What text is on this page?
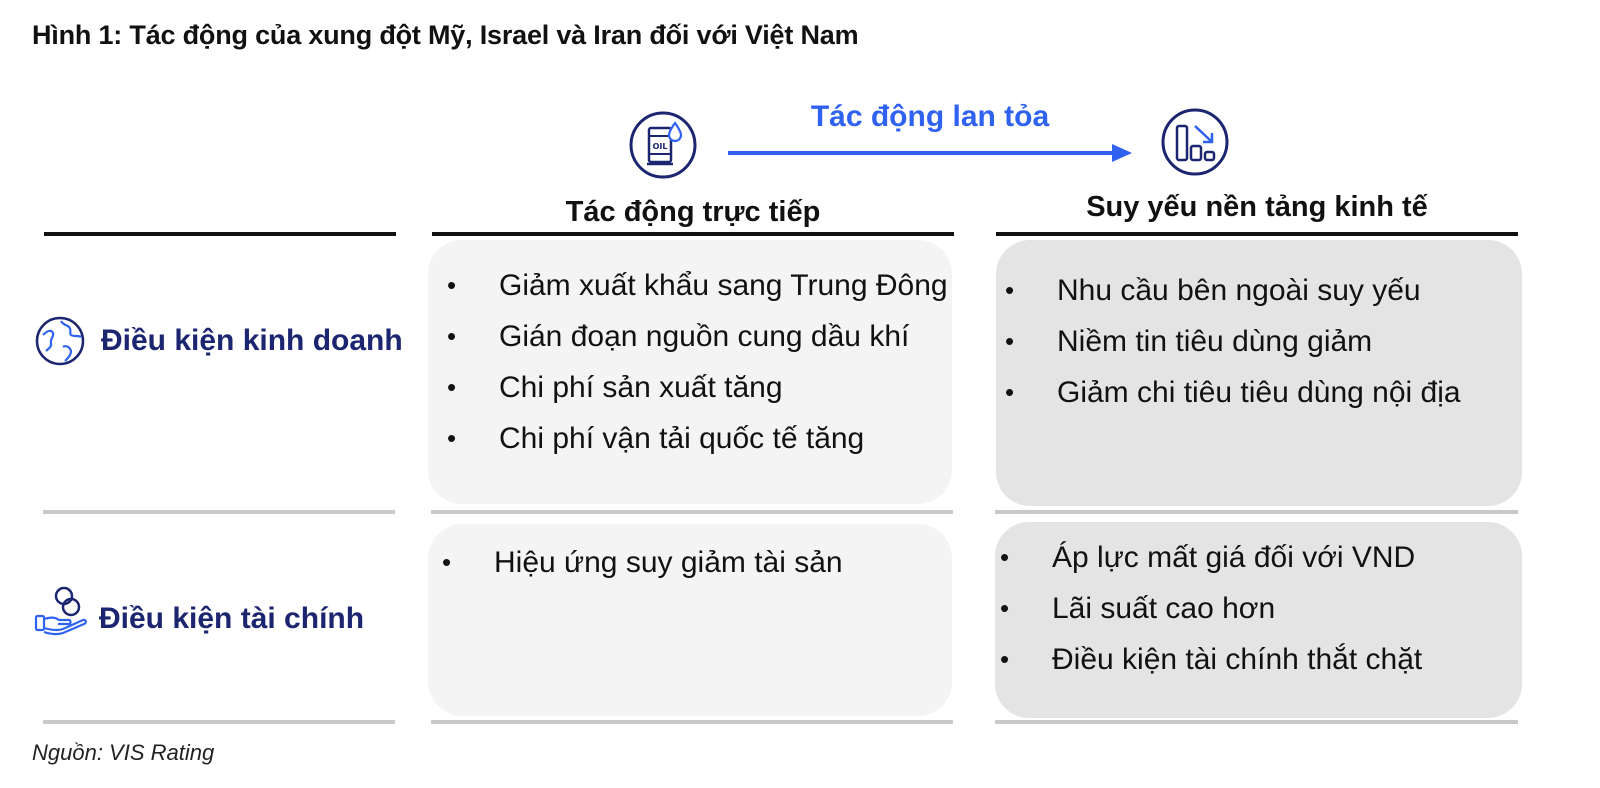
Hình 1: Tác động của xung đột Mỹ, Israel và Iran đối với Việt Nam
Tác động lan tỏa
OIL
Tác động trực tiếp	Suy yếu nền tảng kinh tế
Điều kiện kinh doanh
Điều kiện tài chính
• Giảm xuất khẩu sang Trung Đông
• Gián đoạn nguồn cung dầu khí
• Chi phí sản xuất tăng
• Chi phí vận tải quốc tế tăng
• Nhu cầu bên ngoài suy yếu
• Niềm tin tiêu dùng giảm
• Giảm chi tiêu tiêu dùng nội địa
• Hiệu ứng suy giảm tài sản
•	Áp lực mất giá đối với VND
• Lãi suất cao hơn
• Điều kiện tài chính thắt chặt
Nguồn: VIS Rating
